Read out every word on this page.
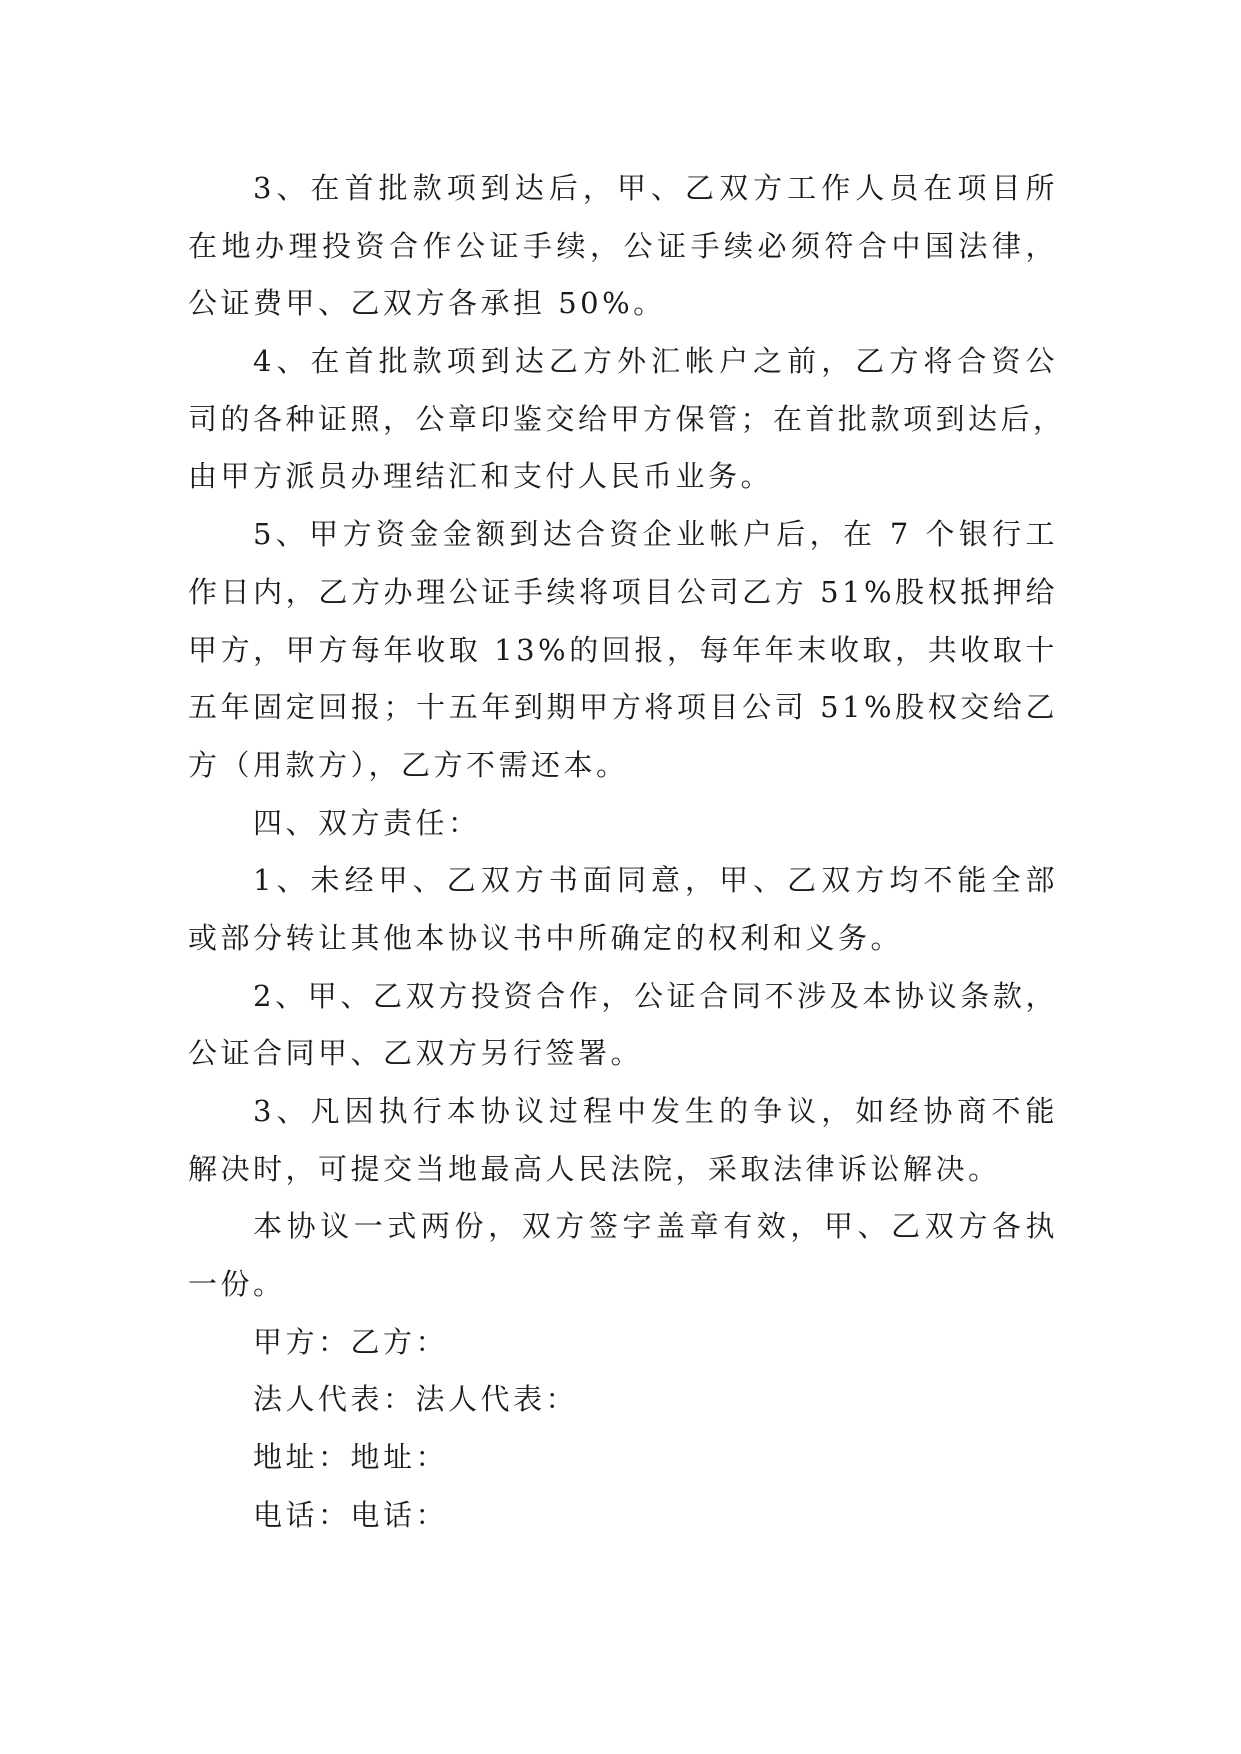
3、在首批款项到达后，甲、乙双方工作人员在项目所
在地办理投资合作公证手续，公证手续必须符合中国法律，
公证费甲、乙双方各承担 50%。
4、在首批款项到达乙方外汇帐户之前，乙方将合资公
司的各种证照，公章印鉴交给甲方保管；在首批款项到达后，
由甲方派员办理结汇和支付人民币业务。
5、甲方资金金额到达合资企业帐户后，在 7 个银行工
作日内，乙方办理公证手续将项目公司乙方 51%股权抵押给
甲方，甲方每年收取 13%的回报，每年年末收取，共收取十
五年固定回报；十五年到期甲方将项目公司 51%股权交给乙
方（用款方），乙方不需还本。
四、双方责任：
1、未经甲、乙双方书面同意，甲、乙双方均不能全部
或部分转让其他本协议书中所确定的权利和义务。
2、甲、乙双方投资合作，公证合同不涉及本协议条款，
公证合同甲、乙双方另行签署。
3、凡因执行本协议过程中发生的争议，如经协商不能
解决时，可提交当地最高人民法院，采取法律诉讼解决。
本协议一式两份，双方签字盖章有效，甲、乙双方各执
一份。
甲方：乙方：
法人代表：法人代表：
地址：地址：
电话：电话：
